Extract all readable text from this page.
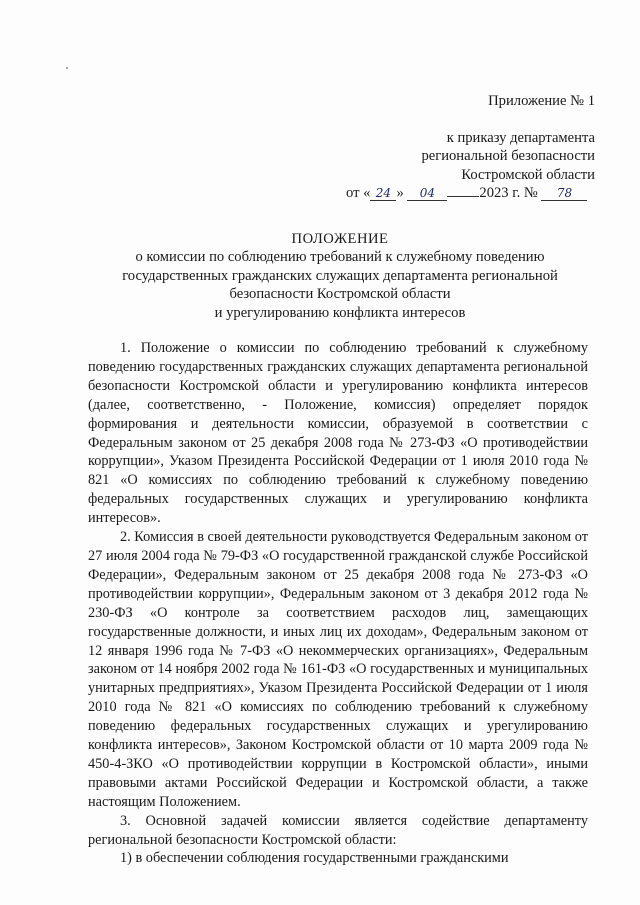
Приложение № 1
к приказу департамента
региональной безопасности
Костромской области
от « 24 » 04	2023 г. № 78
ПОЛОЖЕНИЕ
о комиссии по соблюдению требований к служебному поведению
государственных гражданских служащих департамента региональной
безопасности Костромской области
и урегулированию конфликта интересов

1. Положение о комиссии по соблюдению требований к служебному поведению государственных гражданских служащих департамента региональной безопасности Костромской области и урегулированию конфликта интересов (далее, соответственно, - Положение, комиссия) определяет порядок формирования и деятельности комиссии, образуемой в соответствии с Федеральным законом от 25 декабря 2008 года № 273-ФЗ «О противодействии коррупции», Указом Президента Российской Федерации от 1 июля 2010 года № 821 «О комиссиях по соблюдению требований к служебному поведению федеральных государственных служащих и урегулированию конфликта интересов».

2. Комиссия в своей деятельности руководствуется Федеральным законом от 27 июля 2004 года № 79-ФЗ «О государственной гражданской службе Российской Федерации», Федеральным законом от 25 декабря 2008 года № 273-ФЗ «О противодействии коррупции», Федеральным законом от 3 декабря 2012 года № 230-ФЗ «О контроле за соответствием расходов лиц, замещающих государственные должности, и иных лиц их доходам», Федеральным законом от 12 января 1996 года № 7-ФЗ «О некоммерческих организациях», Федеральным законом от 14 ноября 2002 года № 161-ФЗ «О государственных и муниципальных унитарных предприятиях», Указом Президента Российской Федерации от 1 июля 2010 года № 821 «О комиссиях по соблюдению требований к служебному поведению федеральных государственных служащих и урегулированию конфликта интересов», Законом Костромской области от 10 марта 2009 года № 450-4-ЗКО «О противодействии коррупции в Костромской области», иными правовыми актами Российской Федерации и Костромской области, а также настоящим Положением.

3. Основной задачей комиссии является содействие департаменту региональной безопасности Костромской области:

1) в обеспечении соблюдения государственными гражданскими
